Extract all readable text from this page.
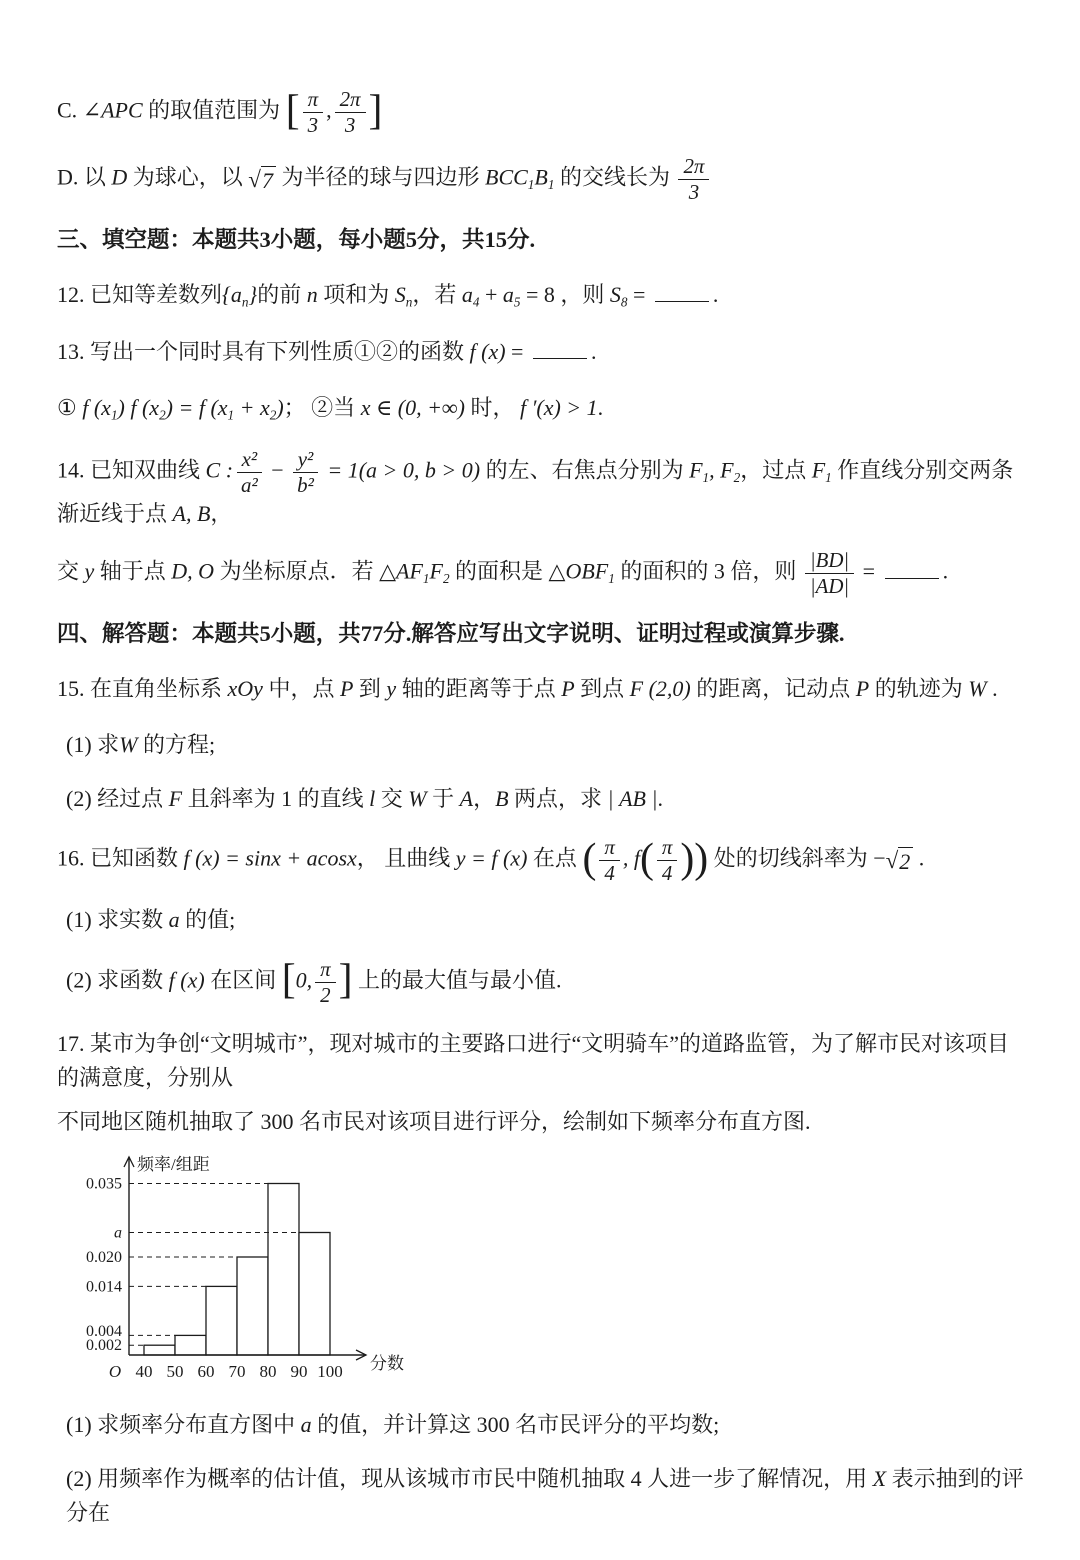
C. ∠APC 的取值范围为 [ $\frac{\pi}{3}$ , $\frac{2\pi}{3}$ ]

D. 以 D 为球心，以 √ 7 为半径的球与四边形 $BCC_1B_1$ 的交线长为 $\frac{2\pi}{3}$

三、填空题：本题共3小题，每小题5分，共15分.

12. 已知等差数列$\{a_n\}$的前 n 项和为 $S_n$，若 $a_4 + a_5 = 8$ ，则 $S_8$ =	.

13. 写出一个同时具有下列性质①②的函数 f (x) =	.

① f $(x_1)$ f $(x_2) = f$ $(x_1 + x_2)$； ②当 x ∈ (0, +∞) 时， f ′(x) > 1.

14. 已知双曲线 C : $\frac{\text{x²}}{\text{a²}} - \frac{\text{y²}}{\text{b²}} = 1(a > 0$, b > 0) 的左、右焦点分别为 $F_1$, $F_2$，过点 $F_1$ 作直线分别交两条渐近线于点 A, B，

交 y 轴于点 D, O 为坐标原点．若 $\triangle AF_1F_2$ 的面积是 $\triangle OBF_1$ 的面积的 3 倍，则 $\frac{|BD|}{|AD|}$ =	.

四、解答题：本题共5小题，共77分.解答应写出文字说明、证明过程或演算步骤.

15. 在直角坐标系 xOy 中，点 P 到 y 轴的距离等于点 P 到点 F (2,0) 的距离，记动点 P 的轨迹为 W .

(1) 求W 的方程;

(2) 经过点 F 且斜率为 1 的直线 l 交 W 于 A，B 两点，求 | AB |.

16. 已知函数 f (x) = sinx + acosx， 且曲线 y = f (x) 在点 ( $\frac{\pi}{4}$ , $f( \frac{\pi}{4}$ )) 处的切线斜率为 − √ 2 .

(1) 求实数 a 的值;

(2) 求函数 f (x) 在区间 [0, $\frac{\pi}{2}$ ] 上的最大值与最小值.

17. 某市为争创“文明城市”，现对城市的主要路口进行“文明骑车”的道路监管，为了解市民对该项目的满意度，分别从

不同地区随机抽取了 300 名市民对该项目进行评分，绘制如下频率分布直方图.

0.002
0.004
0.014
0.020
a
0.035
频率/组距
40 50 60 70 80 90 100
O	分数

(1) 求频率分布直方图中 a 的值，并计算这 300 名市民评分的平均数;

(2) 用频率作为概率的估计值，现从该城市市民中随机抽取 4 人进一步了解情况，用 X 表示抽到的评分在
